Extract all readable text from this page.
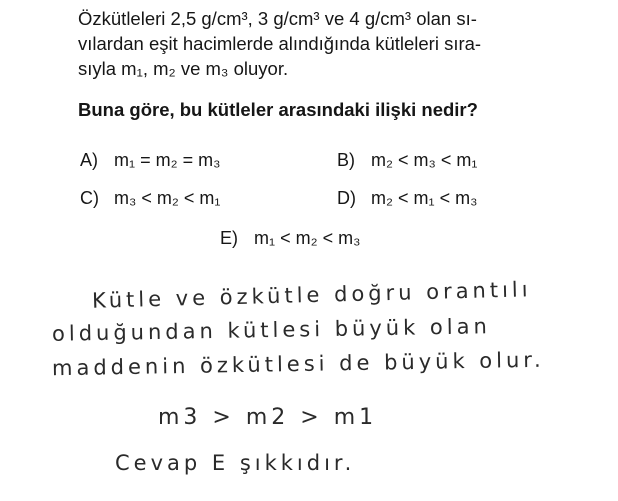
Özkütleleri 2,5 g/cm³, 3 g/cm³ ve 4 g/cm³ olan sı-

vılardan eşit hacimlerde alındığında kütleleri sıra-

sıyla m₁, m₂ ve m₃ oluyor.

Buna göre, bu kütleler arasındaki ilişki nedir?
A) m₁ = m₂ = m₃	B) m₂ < m₃ < m₁
C) m₃ < m₂ < m₁	D) m₂ < m₁ < m₃
E) m₁ < m₂ < m₃
Kütle ve özkütle doğru orantılı
olduğundan kütlesi büyük olan
maddenin özkütlesi de büyük olur.
m3 > m2 > m1
Cevap E şıkkıdır.
